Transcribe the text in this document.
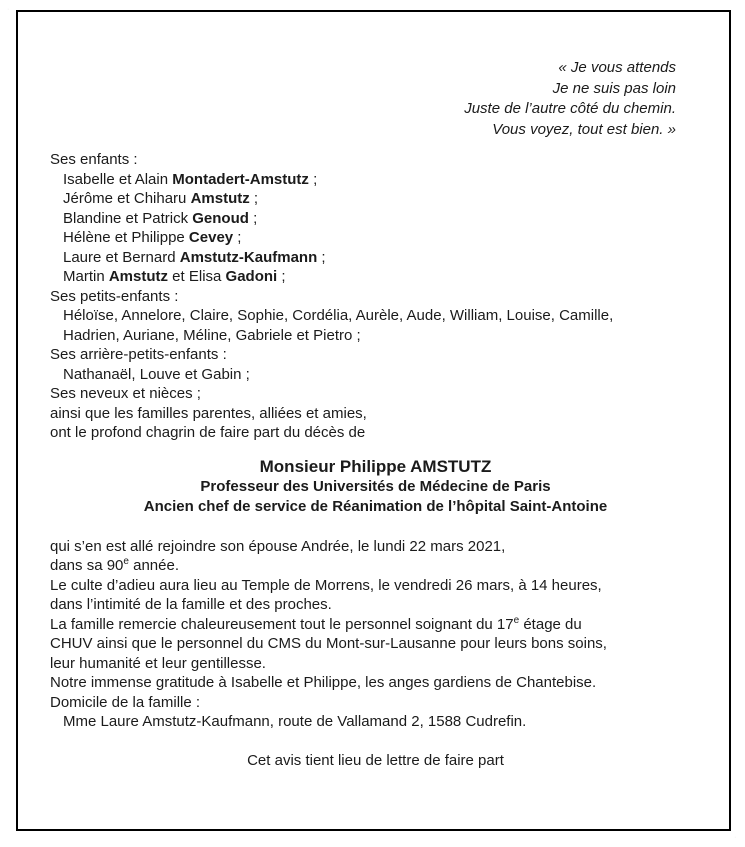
·
·
« Je vous attends
Je ne suis pas loin
Juste de l’autre côté du chemin.
Vous voyez, tout est bien. »
Ses enfants :
Isabelle et Alain Montadert-Amstutz ;
Jérôme et Chiharu Amstutz ;
Blandine et Patrick Genoud ;
Hélène et Philippe Cevey ;
Laure et Bernard Amstutz-Kaufmann ;
Martin Amstutz et Elisa Gadoni ;
Ses petits-enfants :
Héloïse, Annelore, Claire, Sophie, Cordélia, Aurèle, Aude, William, Louise, Camille,
Hadrien, Auriane, Méline, Gabriele et Pietro ;
Ses arrière-petits-enfants :
Nathanaël, Louve et Gabin ;
Ses neveux et nièces ;
ainsi que les familles parentes, alliées et amies,
ont le profond chagrin de faire part du décès de
Monsieur Philippe AMSTUTZ
Professeur des Universités de Médecine de Paris
Ancien chef de service de Réanimation de l’hôpital Saint-Antoine
qui s’en est allé rejoindre son épouse Andrée, le lundi 22 mars 2021,
dans sa 90e année.
Le culte d’adieu aura lieu au Temple de Morrens, le vendredi 26 mars, à 14 heures,
dans l’intimité de la famille et des proches.
La famille remercie chaleureusement tout le personnel soignant du 17e étage du
CHUV ainsi que le personnel du CMS du Mont-sur-Lausanne pour leurs bons soins,
leur humanité et leur gentillesse.
Notre immense gratitude à Isabelle et Philippe, les anges gardiens de Chantebise.
Domicile de la famille :
Mme Laure Amstutz-Kaufmann, route de Vallamand 2, 1588 Cudrefin.
Cet avis tient lieu de lettre de faire part
